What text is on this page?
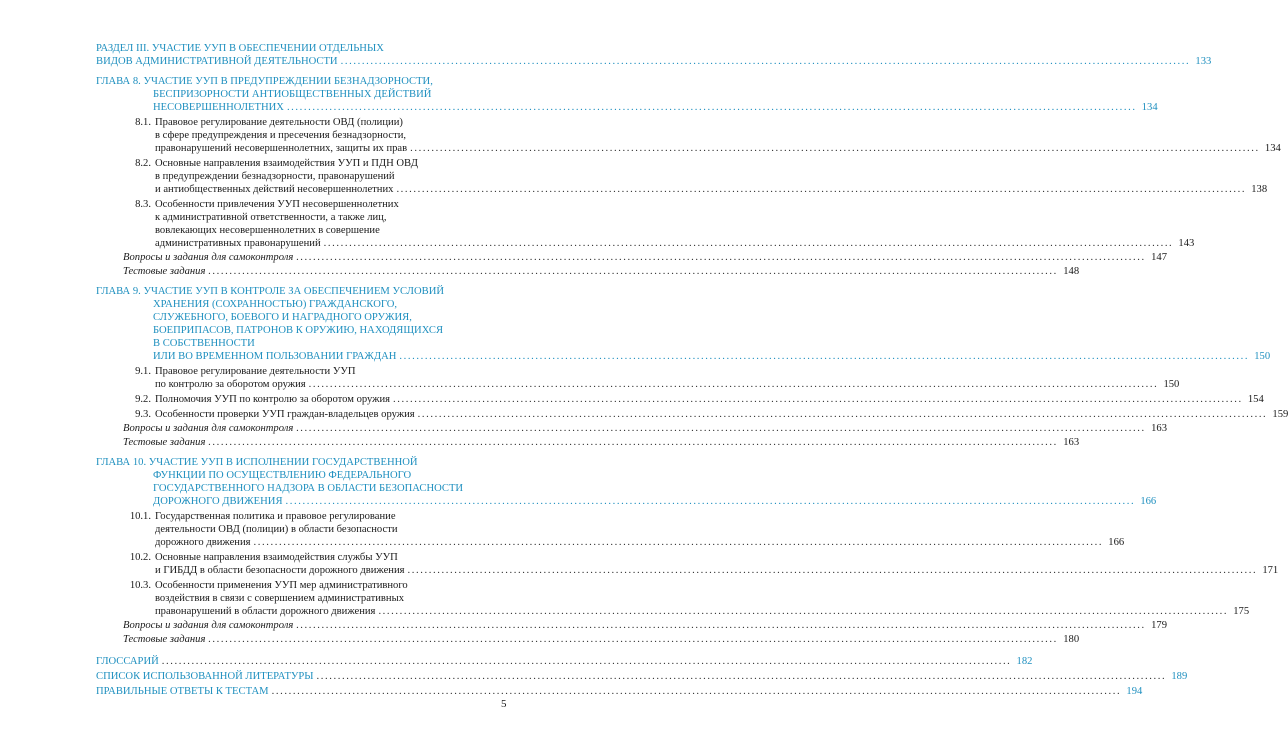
РАЗДЕЛ III. УЧАСТИЕ УУП В ОБЕСПЕЧЕНИИ ОТДЕЛЬНЫХ
ВИДОВ АДМИНИСТРАТИВНОЙ ДЕЯТЕЛЬНОСТИ ........................................................................................................................................................................................................ 133
ГЛАВА 8. УЧАСТИЕ УУП В ПРЕДУПРЕЖДЕНИИ БЕЗНАДЗОРНОСТИ,
БЕСПРИЗОРНОСТИ АНТИОБЩЕСТВЕННЫХ ДЕЙСТВИЙ
НЕСОВЕРШЕННОЛЕТНИХ ........................................................................................................................................................................................................ 134
8.1. Правовое регулирование деятельности ОВД (полиции)
в сфере предупреждения и пресечения безнадзорности,
правонарушений несовершеннолетних, защиты их прав ........................................................................................................................................................................................................ 134
8.2. Основные направления взаимодействия УУП и ПДН ОВД
в предупреждении безнадзорности, правонарушений
и антиобщественных действий несовершеннолетних ........................................................................................................................................................................................................ 138
8.3. Особенности привлечения УУП несовершеннолетних
к административной ответственности, а также лиц,
вовлекающих несовершеннолетних в совершение
административных правонарушений ........................................................................................................................................................................................................ 143
Вопросы и задания для самоконтроля ........................................................................................................................................................................................................ 147
Тестовые задания ........................................................................................................................................................................................................ 148
ГЛАВА 9. УЧАСТИЕ УУП В КОНТРОЛЕ ЗА ОБЕСПЕЧЕНИЕМ УСЛОВИЙ
ХРАНЕНИЯ (СОХРАННОСТЬЮ) ГРАЖДАНСКОГО,
СЛУЖЕБНОГО, БОЕВОГО И НАГРАДНОГО ОРУЖИЯ,
БОЕПРИПАСОВ, ПАТРОНОВ К ОРУЖИЮ, НАХОДЯЩИХСЯ
В СОБСТВЕННОСТИ
ИЛИ ВО ВРЕМЕННОМ ПОЛЬЗОВАНИИ ГРАЖДАН ........................................................................................................................................................................................................ 150
9.1. Правовое регулирование деятельности УУП
по контролю за оборотом оружия ........................................................................................................................................................................................................ 150
9.2. Полномочия УУП по контролю за оборотом оружия ........................................................................................................................................................................................................ 154
9.3. Особенности проверки УУП граждан-владельцев оружия ........................................................................................................................................................................................................ 159
Вопросы и задания для самоконтроля ........................................................................................................................................................................................................ 163
Тестовые задания ........................................................................................................................................................................................................ 163
ГЛАВА 10. УЧАСТИЕ УУП В ИСПОЛНЕНИИ ГОСУДАРСТВЕННОЙ
ФУНКЦИИ ПО ОСУЩЕСТВЛЕНИЮ ФЕДЕРАЛЬНОГО
ГОСУДАРСТВЕННОГО НАДЗОРА В ОБЛАСТИ БЕЗОПАСНОСТИ
ДОРОЖНОГО ДВИЖЕНИЯ ........................................................................................................................................................................................................ 166
10.1. Государственная политика и правовое регулирование
деятельности ОВД (полиции) в области безопасности
дорожного движения ........................................................................................................................................................................................................ 166
10.2. Основные направления взаимодействия службы УУП
и ГИБДД в области безопасности дорожного движения ........................................................................................................................................................................................................ 171
10.3. Особенности применения УУП мер административного
воздействия в связи с совершением административных
правонарушений в области дорожного движения ........................................................................................................................................................................................................ 175
Вопросы и задания для самоконтроля ........................................................................................................................................................................................................ 179
Тестовые задания ........................................................................................................................................................................................................ 180
ГЛОССАРИЙ ........................................................................................................................................................................................................ 182
СПИСОК ИСПОЛЬЗОВАННОЙ ЛИТЕРАТУРЫ ........................................................................................................................................................................................................ 189
ПРАВИЛЬНЫЕ ОТВЕТЫ К ТЕСТАМ ........................................................................................................................................................................................................ 194
5
